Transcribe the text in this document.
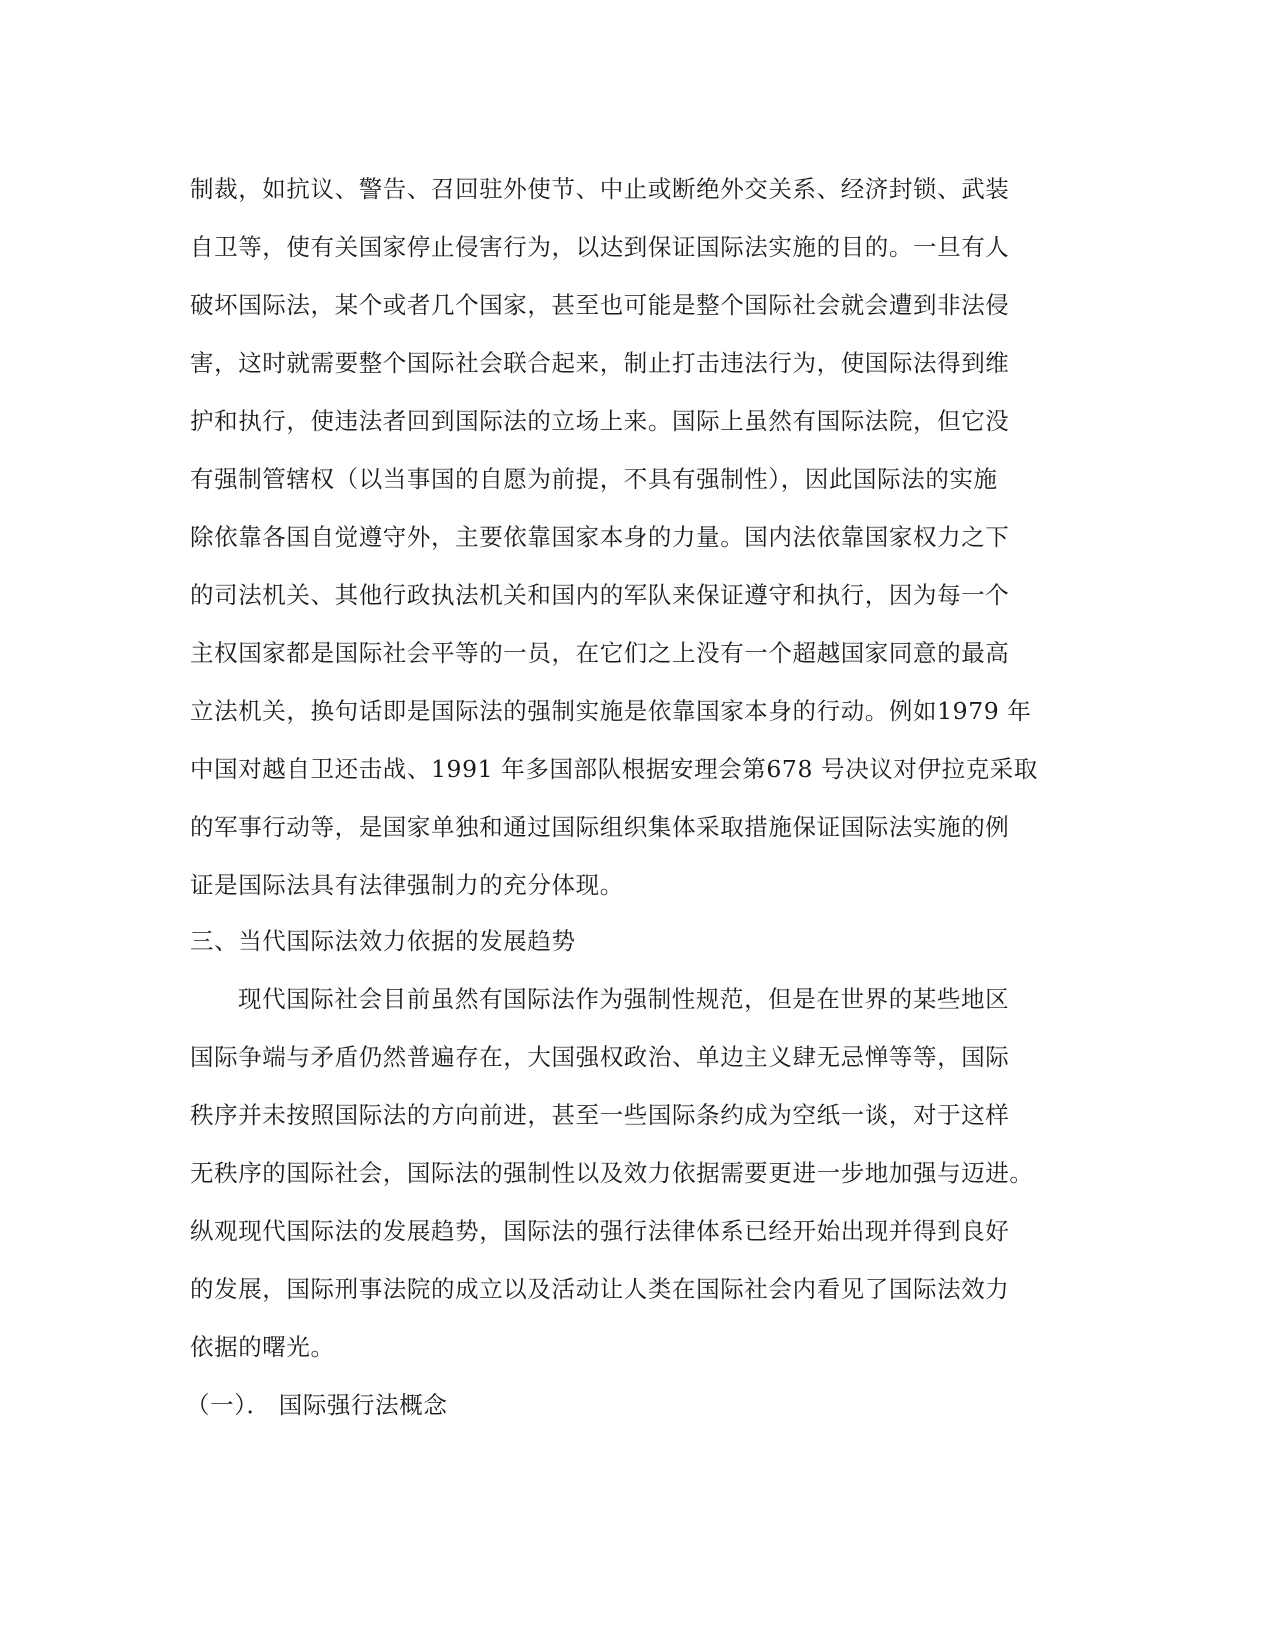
制裁，如抗议、警告、召回驻外使节、中止或断绝外交关系、经济封锁、武装
自卫等，使有关国家停止侵害行为，以达到保证国际法实施的目的。一旦有人
破坏国际法，某个或者几个国家，甚至也可能是整个国际社会就会遭到非法侵
害，这时就需要整个国际社会联合起来，制止打击违法行为，使国际法得到维
护和执行，使违法者回到国际法的立场上来。国际上虽然有国际法院，但它没
有强制管辖权（以当事国的自愿为前提，不具有强制性），因此国际法的实施
除依靠各国自觉遵守外，主要依靠国家本身的力量。国内法依靠国家权力之下
的司法机关、其他行政执法机关和国内的军队来保证遵守和执行，因为每一个
主权国家都是国际社会平等的一员，在它们之上没有一个超越国家同意的最高
立法机关，换句话即是国际法的强制实施是依靠国家本身的行动。例如1979 年
中国对越自卫还击战、1991 年多国部队根据安理会第678 号决议对伊拉克采取
的军事行动等，是国家单独和通过国际组织集体采取措施保证国际法实施的例
证是国际法具有法律强制力的充分体现。
三、当代国际法效力依据的发展趋势
现代国际社会目前虽然有国际法作为强制性规范，但是在世界的某些地区
国际争端与矛盾仍然普遍存在，大国强权政治、单边主义肆无忌惮等等，国际
秩序并未按照国际法的方向前进，甚至一些国际条约成为空纸一谈，对于这样
无秩序的国际社会，国际法的强制性以及效力依据需要更进一步地加强与迈进。
纵观现代国际法的发展趋势，国际法的强行法律体系已经开始出现并得到良好
的发展，国际刑事法院的成立以及活动让人类在国际社会内看见了国际法效力
依据的曙光。
（一）． 国际强行法概念
